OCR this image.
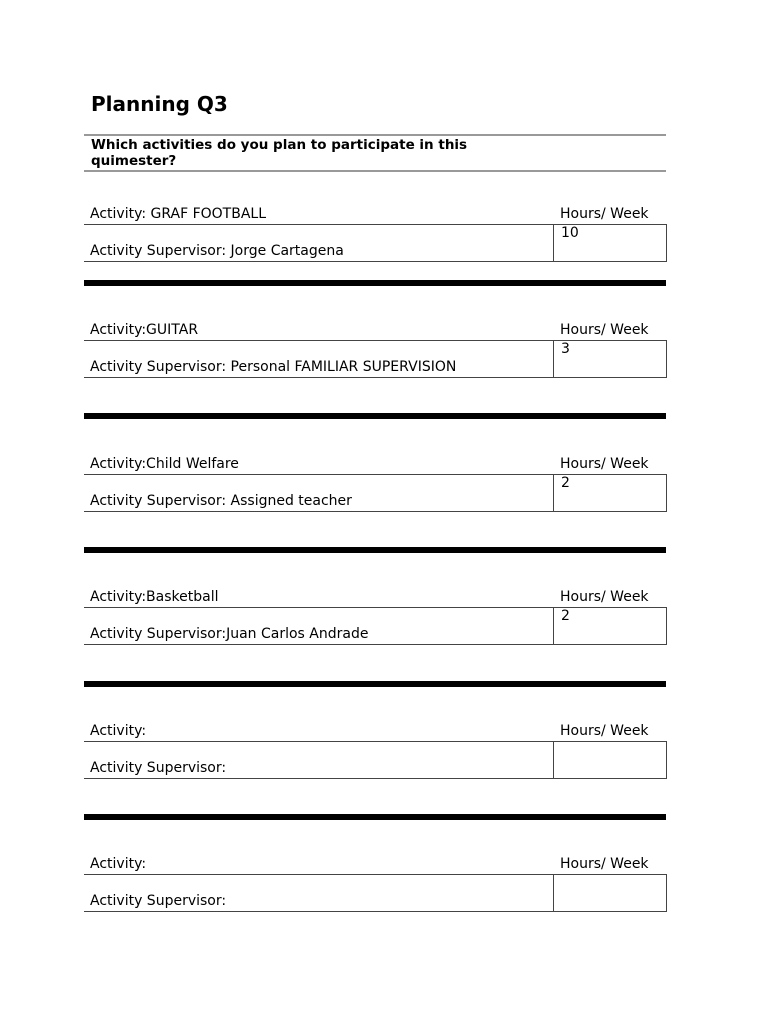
Planning Q3
Which activities do you plan to participate in this quimester?
Activity: GRAF FOOTBALL	Hours/ Week
10
Activity Supervisor: Jorge Cartagena
Activity:GUITAR	Hours/ Week
3
Activity Supervisor: Personal FAMILIAR SUPERVISION
Activity:Child Welfare	Hours/ Week
2
Activity Supervisor: Assigned teacher
Activity:Basketball	Hours/ Week
2
Activity Supervisor:Juan Carlos Andrade
Activity:	Hours/ Week
Activity Supervisor:
Activity:	Hours/ Week
Activity Supervisor:
